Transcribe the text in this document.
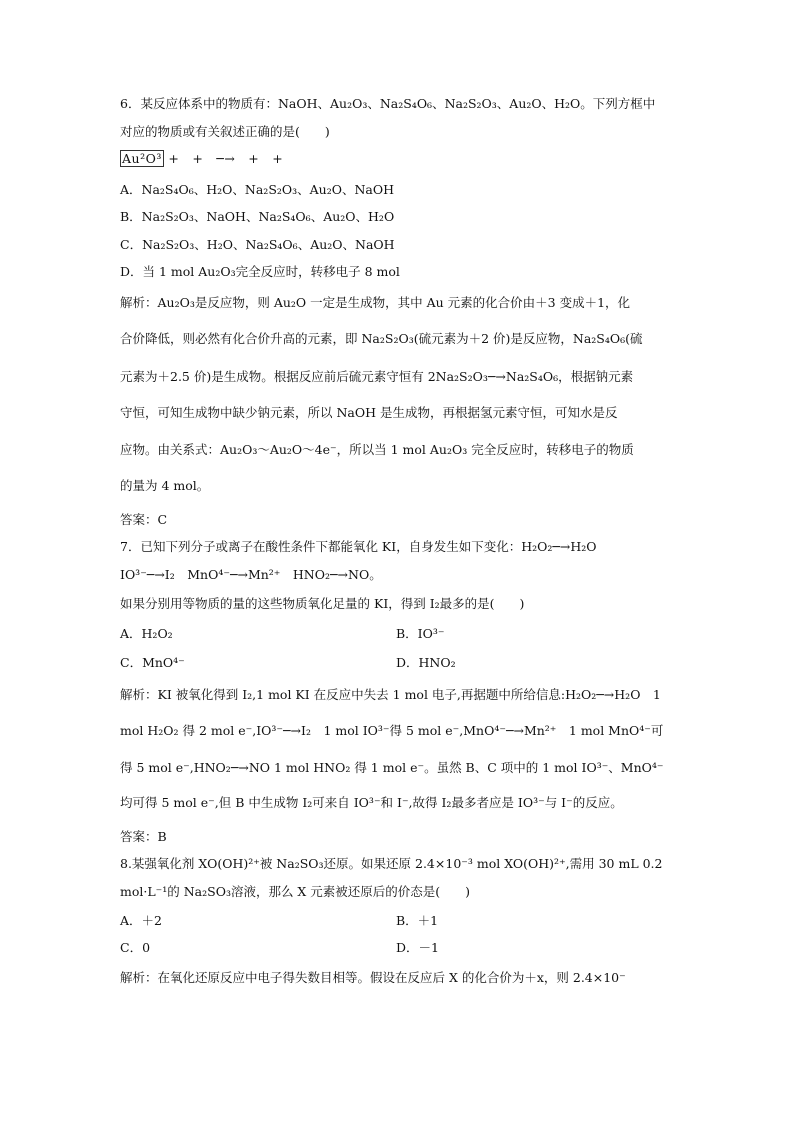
6．某反应体系中的物质有：NaOH、Au₂O₃、Na₂S₄O₆、Na₂S₂O₃、Au₂O、H₂O。下列方框中
对应的物质或有关叙述正确的是(　　)
Au²O³ +　+　─→　+　+
A．Na₂S₄O₆、H₂O、Na₂S₂O₃、Au₂O、NaOH
B．Na₂S₂O₃、NaOH、Na₂S₄O₆、Au₂O、H₂O
C．Na₂S₂O₃、H₂O、Na₂S₄O₆、Au₂O、NaOH
D．当 1 mol Au₂O₃完全反应时，转移电子 8 mol
解析：Au₂O₃是反应物，则 Au₂O 一定是生成物，其中 Au 元素的化合价由＋3 变成＋1，化
合价降低，则必然有化合价升高的元素，即 Na₂S₂O₃(硫元素为＋2 价)是反应物，Na₂S₄O₆(硫
元素为＋2.5 价)是生成物。根据反应前后硫元素守恒有 2Na₂S₂O₃─→Na₂S₄O₆，根据钠元素
守恒，可知生成物中缺少钠元素，所以 NaOH 是生成物，再根据氢元素守恒，可知水是反
应物。由关系式：Au₂O₃～Au₂O～4e⁻，所以当 1 mol Au₂O₃ 完全反应时，转移电子的物质
的量为 4 mol。
答案：C
7．已知下列分子或离子在酸性条件下都能氧化 KI，自身发生如下变化：H₂O₂─→H₂O
IO³⁻─→I₂　MnO⁴⁻─→Mn²⁺　HNO₂─→NO。
如果分别用等物质的量的这些物质氧化足量的 KI，得到 I₂最多的是(　　)
A．H₂O₂	B．IO³⁻
C．MnO⁴⁻	D．HNO₂
解析：KI 被氧化得到 I₂,1 mol KI 在反应中失去 1 mol 电子,再据题中所给信息:H₂O₂─→H₂O　1
mol H₂O₂ 得 2 mol e⁻,IO³⁻─→I₂　1 mol IO³⁻得 5 mol e⁻,MnO⁴⁻─→Mn²⁺　1 mol MnO⁴⁻可
得 5 mol e⁻,HNO₂─→NO 1 mol HNO₂ 得 1 mol e⁻。虽然 B、C 项中的 1 mol IO³⁻、MnO⁴⁻
均可得 5 mol e⁻,但 B 中生成物 I₂可来自 IO³⁻和 I⁻,故得 I₂最多者应是 IO³⁻与 I⁻的反应。
答案：B
8.某强氧化剂 XO(OH)²⁺被 Na₂SO₃还原。如果还原 2.4×10⁻³ mol XO(OH)²⁺,需用 30 mL 0.2
mol·L⁻¹的 Na₂SO₃溶液，那么 X 元素被还原后的价态是(　　)
A．＋2	B．＋1
C．0	D．－1
解析：在氧化还原反应中电子得失数目相等。假设在反应后 X 的化合价为＋x，则 2.4×10⁻
